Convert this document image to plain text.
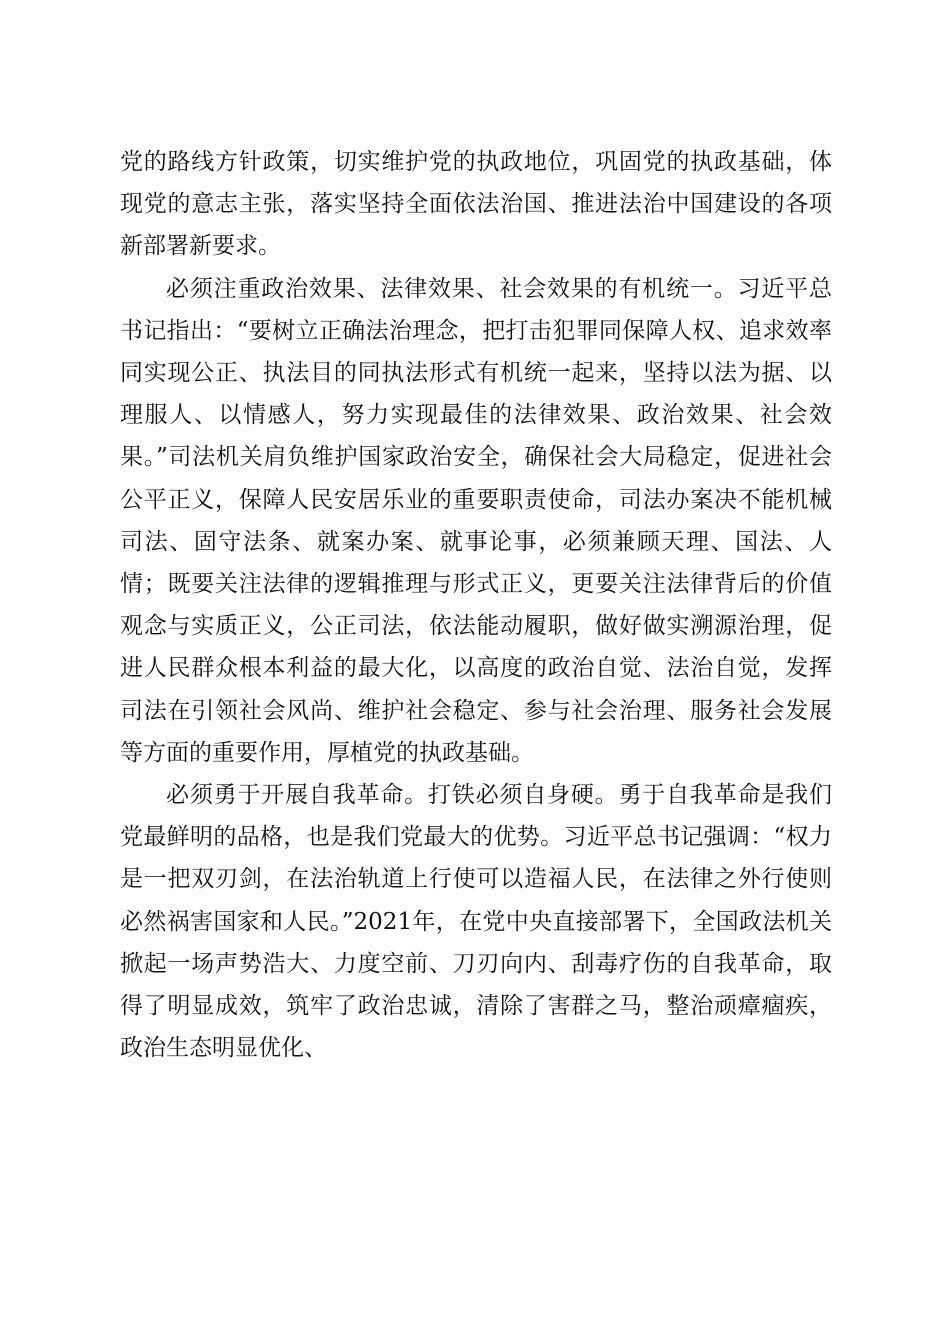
党的路线方针政策，切实维护党的执政地位，巩固党的执政基础，体现党的意志主张，落实坚持全面依法治国、推进法治中国建设的各项新部署新要求。

必须注重政治效果、法律效果、社会效果的有机统一。习近平总书记指出：“要树立正确法治理念，把打击犯罪同保障人权、追求效率同实现公正、执法目的同执法形式有机统一起来，坚持以法为据、以理服人、以情感人，努力实现最佳的法律效果、政治效果、社会效果。”司法机关肩负维护国家政治安全，确保社会大局稳定，促进社会公平正义，保障人民安居乐业的重要职责使命，司法办案决不能机械司法、固守法条、就案办案、就事论事，必须兼顾天理、国法、人情；既要关注法律的逻辑推理与形式正义，更要关注法律背后的价值观念与实质正义，公正司法，依法能动履职，做好做实溯源治理，促进人民群众根本利益的最大化，以高度的政治自觉、法治自觉，发挥司法在引领社会风尚、维护社会稳定、参与社会治理、服务社会发展等方面的重要作用，厚植党的执政基础。

必须勇于开展自我革命。打铁必须自身硬。勇于自我革命是我们党最鲜明的品格，也是我们党最大的优势。习近平总书记强调：“权力是一把双刃剑，在法治轨道上行使可以造福人民，在法律之外行使则必然祸害国家和人民。”2021年，在党中央直接部署下，全国政法机关掀起一场声势浩大、力度空前、刀刃向内、刮毒疗伤的自我革命，取得了明显成效，筑牢了政治忠诚，清除了害群之马，整治顽瘴痼疾，政治生态明显优化、
